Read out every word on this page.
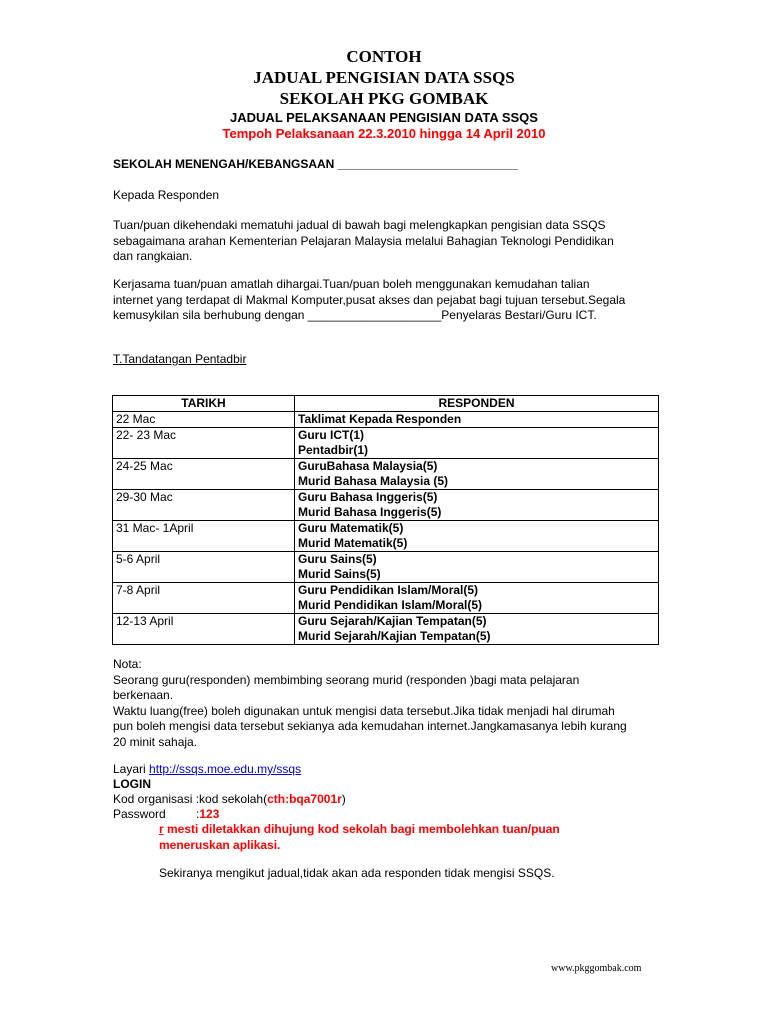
CONTOH
JADUAL PENGISIAN DATA SSQS
SEKOLAH PKG GOMBAK
JADUAL PELAKSANAAN PENGISIAN DATA SSQS
Tempoh Pelaksanaan 22.3.2010 hingga 14 April 2010
SEKOLAH MENENGAH/KEBANGSAAN ___________________________
Kepada Responden
Tuan/puan dikehendaki mematuhi jadual di bawah bagi melengkapkan pengisian data SSQS
sebagaimana arahan Kementerian Pelajaran Malaysia melalui Bahagian Teknologi Pendidikan
dan rangkaian.
Kerjasama tuan/puan amatlah dihargai.Tuan/puan boleh menggunakan kemudahan talian
internet yang terdapat di Makmal Komputer,pusat akses dan pejabat bagi tujuan tersebut.Segala
kemusykilan sila berhubung dengan ____________________Penyelaras Bestari/Guru ICT.
T.Tandatangan Pentadbir
TARIKH	RESPONDEN
22 Mac	Taklimat Kepada Responden

22- 23 Mac	Guru ICT(1)
Pentadbir(1)

24-25 Mac	GuruBahasa Malaysia(5)
Murid Bahasa Malaysia (5)

29-30 Mac	Guru Bahasa Inggeris(5)
Murid Bahasa Inggeris(5)

31 Mac- 1April	Guru Matematik(5)
Murid Matematik(5)

5-6 April	Guru Sains(5)
Murid Sains(5)

7-8 April	Guru Pendidikan Islam/Moral(5)
Murid Pendidikan Islam/Moral(5)

12-13 April	Guru Sejarah/Kajian Tempatan(5)
Murid Sejarah/Kajian Tempatan(5)
Nota:
Seorang guru(responden) membimbing seorang murid (responden )bagi mata pelajaran
berkenaan.
Waktu luang(free) boleh digunakan untuk mengisi data tersebut.Jika tidak menjadi hal dirumah
pun boleh mengisi data tersebut sekianya ada kemudahan internet.Jangkamasanya lebih kurang
20 minit sahaja.
Layari http://ssqs.moe.edu.my/ssqs
LOGIN
Kod organisasi :kod sekolah(cth:bqa7001r)
Password	:123
r mesti diletakkan dihujung kod sekolah bagi membolehkan tuan/puan
meneruskan aplikasi.
Sekiranya mengikut jadual,tidak akan ada responden tidak mengisi SSQS.
www.pkggombak.com
